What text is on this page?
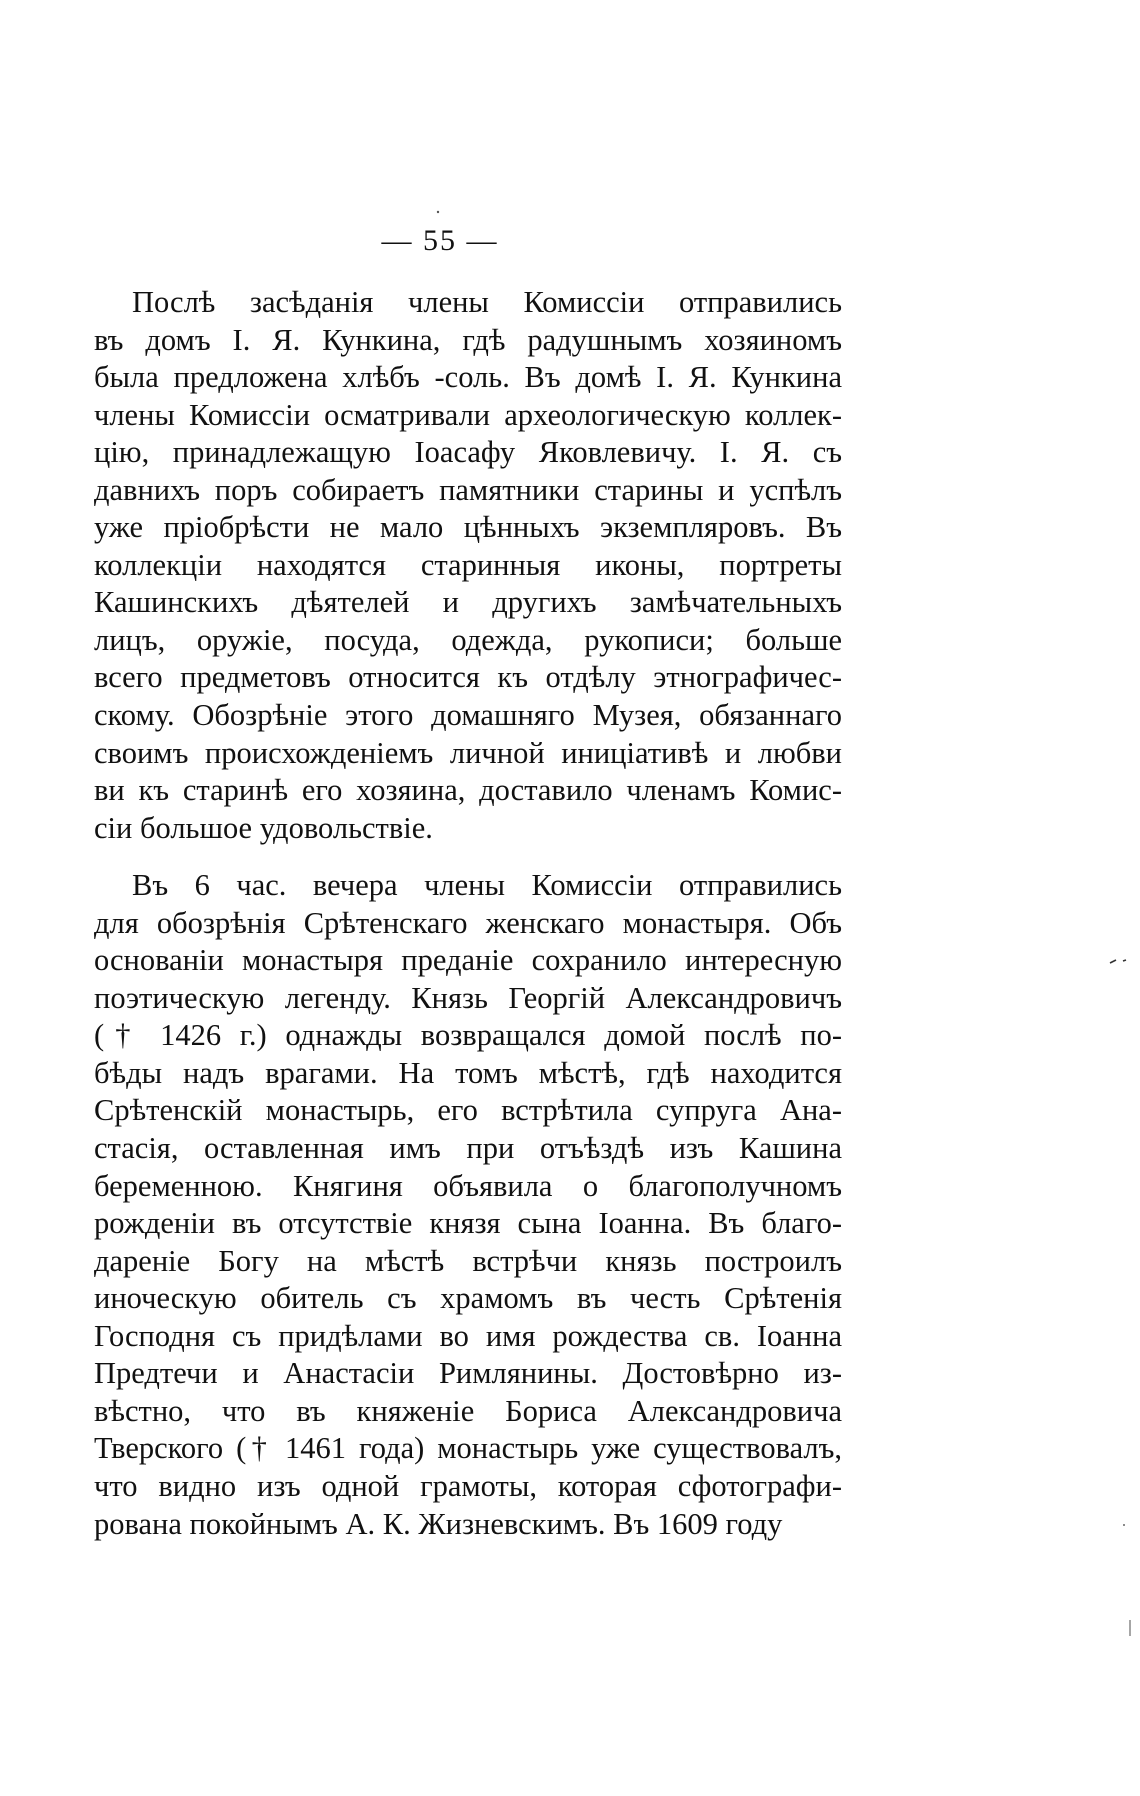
— 55 —
Послѣ засѣданія члены Комиссіи отправились
въ домъ І. Я. Кункина, гдѣ радушнымъ хозяиномъ
была предложена хлѣбъ -соль. Въ домѣ І. Я. Кункина
члены Комиссіи осматривали археологическую коллек-
цію, принадлежащую Іоасафу Яковлевичу. І. Я. съ
давнихъ поръ собираетъ памятники старины и успѣлъ
уже пріобрѣсти не мало цѣнныхъ экземпляровъ. Въ
коллекціи находятся старинныя иконы, портреты
Кашинскихъ дѣятелей и другихъ замѣчательныхъ
лицъ, оружіе, посуда, одежда, рукописи; больше
всего предметовъ относится къ отдѣлу этнографичес-
скому. Обозрѣніе этого домашняго Музея, обязаннаго
своимъ происхожденіемъ личной иниціативѣ и любви
ви къ старинѣ его хозяина, доставило членамъ Комис-
сіи большое удовольствіе.
Въ 6 час. вечера члены Комиссіи отправились
для обозрѣнія Срѣтенскаго женскаго монастыря. Объ
основаніи монастыря преданіе сохранило интересную
поэтическую легенду. Князь Георгій Александровичъ
(† 1426 г.) однажды возвращался домой послѣ по-
бѣды надъ врагами. На томъ мѣстѣ, гдѣ находится
Срѣтенскій монастырь, его встрѣтила супруга Ана-
стасія, оставленная имъ при отъѣздѣ изъ Кашина
беременною. Княгиня объявила о благополучномъ
рожденіи въ отсутствіе князя сына Іоанна. Въ благо-
дареніе Богу на мѣстѣ встрѣчи князь построилъ
иноческую обитель съ храмомъ въ честь Срѣтенія
Господня съ придѣлами во имя рождества св. Іоанна
Предтечи и Анастасіи Римлянины. Достовѣрно из-
вѣстно, что въ княженіе Бориса Александровича
Тверского († 1461 года) монастырь уже существовалъ,
что видно изъ одной грамоты, которая сфотографи-
рована покойнымъ А. К. Жизневскимъ. Въ 1609 году
